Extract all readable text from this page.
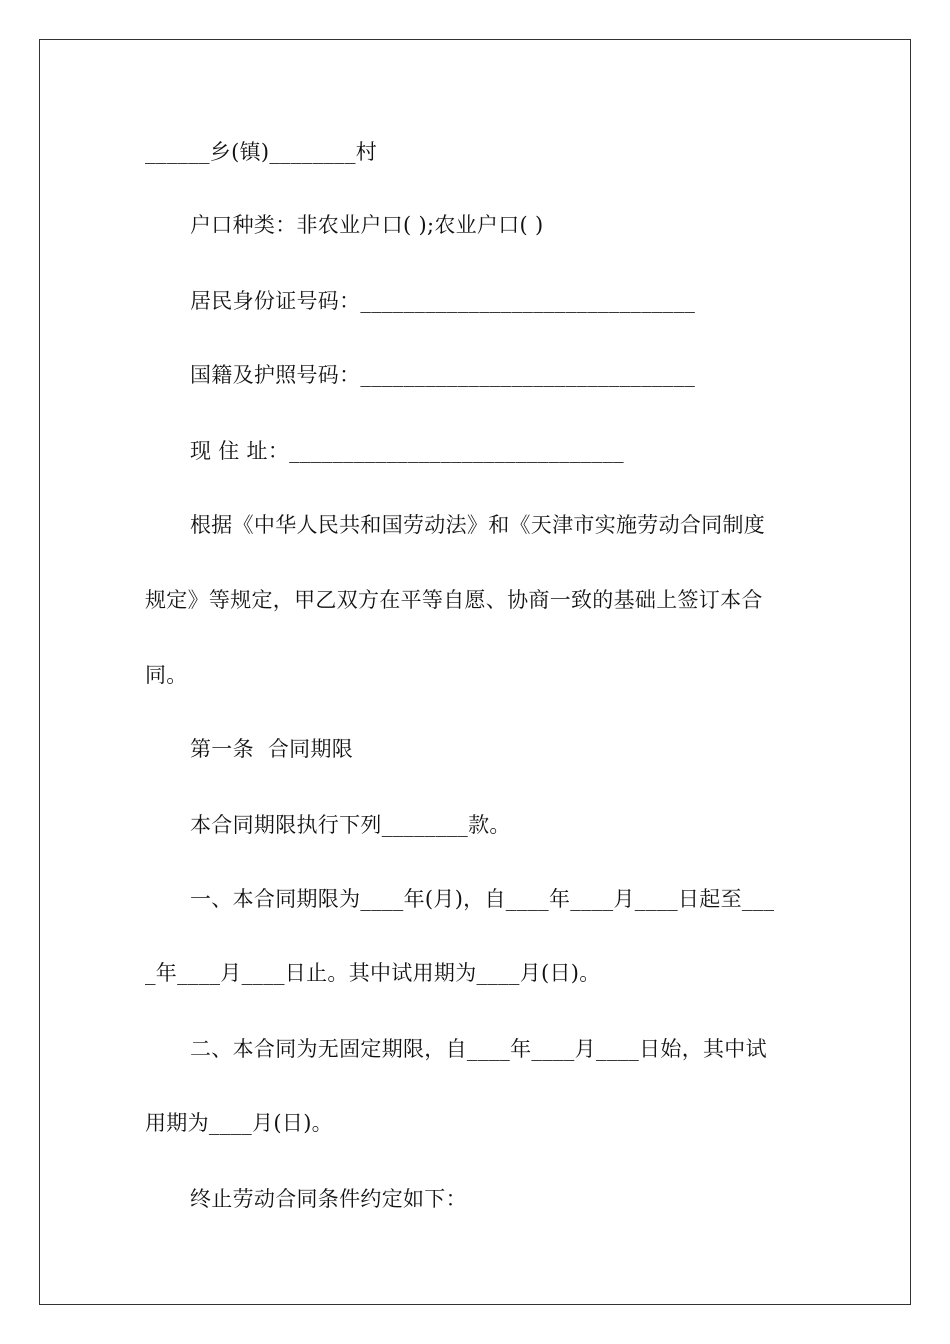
______乡(镇)________村
户口种类：非农业户口( );农业户口( )
居民身份证号码：_______________________________
国籍及护照号码：_______________________________
现 住 址：_______________________________
根据《中华人民共和国劳动法》和《天津市实施劳动合同制度
规定》等规定，甲乙双方在平等自愿、协商一致的基础上签订本合
同。
第一条  合同期限
本合同期限执行下列________款。
一、本合同期限为____年(月)，自____年____月____日起至___
_年____月____日止。其中试用期为____月(日)。
二、本合同为无固定期限，自____年____月____日始，其中试
用期为____月(日)。
终止劳动合同条件约定如下：
